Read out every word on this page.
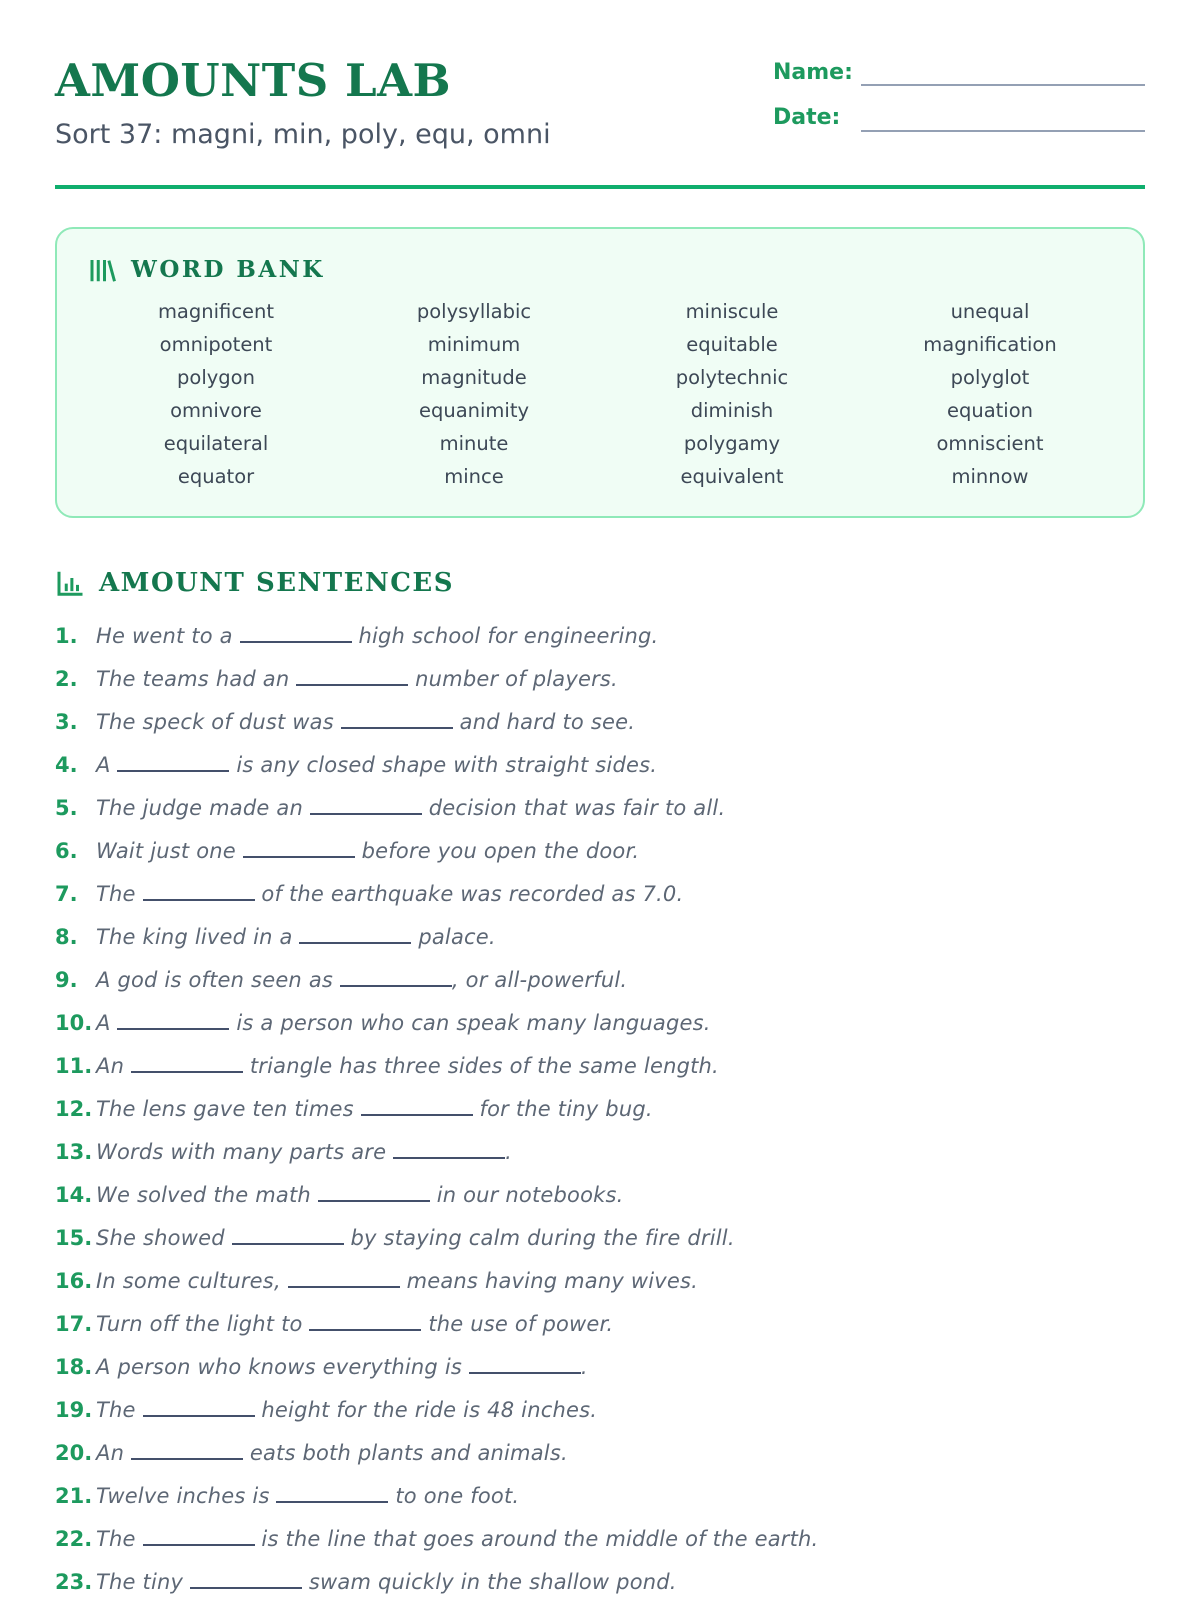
AMOUNTS LAB
Sort 37: magni, min, poly, equ, omni
Name:
Date:
WORD BANK
magnificent	polysyllabic	miniscule	unequal
omnipotent	minimum	equitable	magnification
polygon	magnitude	polytechnic	polyglot
omnivore	equanimity	diminish	equation
equilateral	minute	polygamy	omniscient
equator	mince	equivalent	minnow
AMOUNT SENTENCES
1. He went to a	high school for engineering.
2. The teams had an	number of players.
3. The speck of dust was	and hard to see.
4. A	is any closed shape with straight sides.
5. The judge made an	decision that was fair to all.
6. Wait just one	before you open the door.
7. The	of the earthquake was recorded as 7.0.
8. The king lived in a	palace.
9. A god is often seen as	, or all-powerful.
10. A	is a person who can speak many languages.
11. An	triangle has three sides of the same length.
12. The lens gave ten times	for the tiny bug.
13. Words with many parts are	.
14. We solved the math	in our notebooks.
15. She showed	by staying calm during the fire drill.
16. In some cultures,	means having many wives.
17. Turn off the light to	the use of power.
18. A person who knows everything is	.
19. The	height for the ride is 48 inches.
20. An	eats both plants and animals.
21. Twelve inches is	to one foot.
22. The	is the line that goes around the middle of the earth.
23. The tiny	swam quickly in the shallow pond.
